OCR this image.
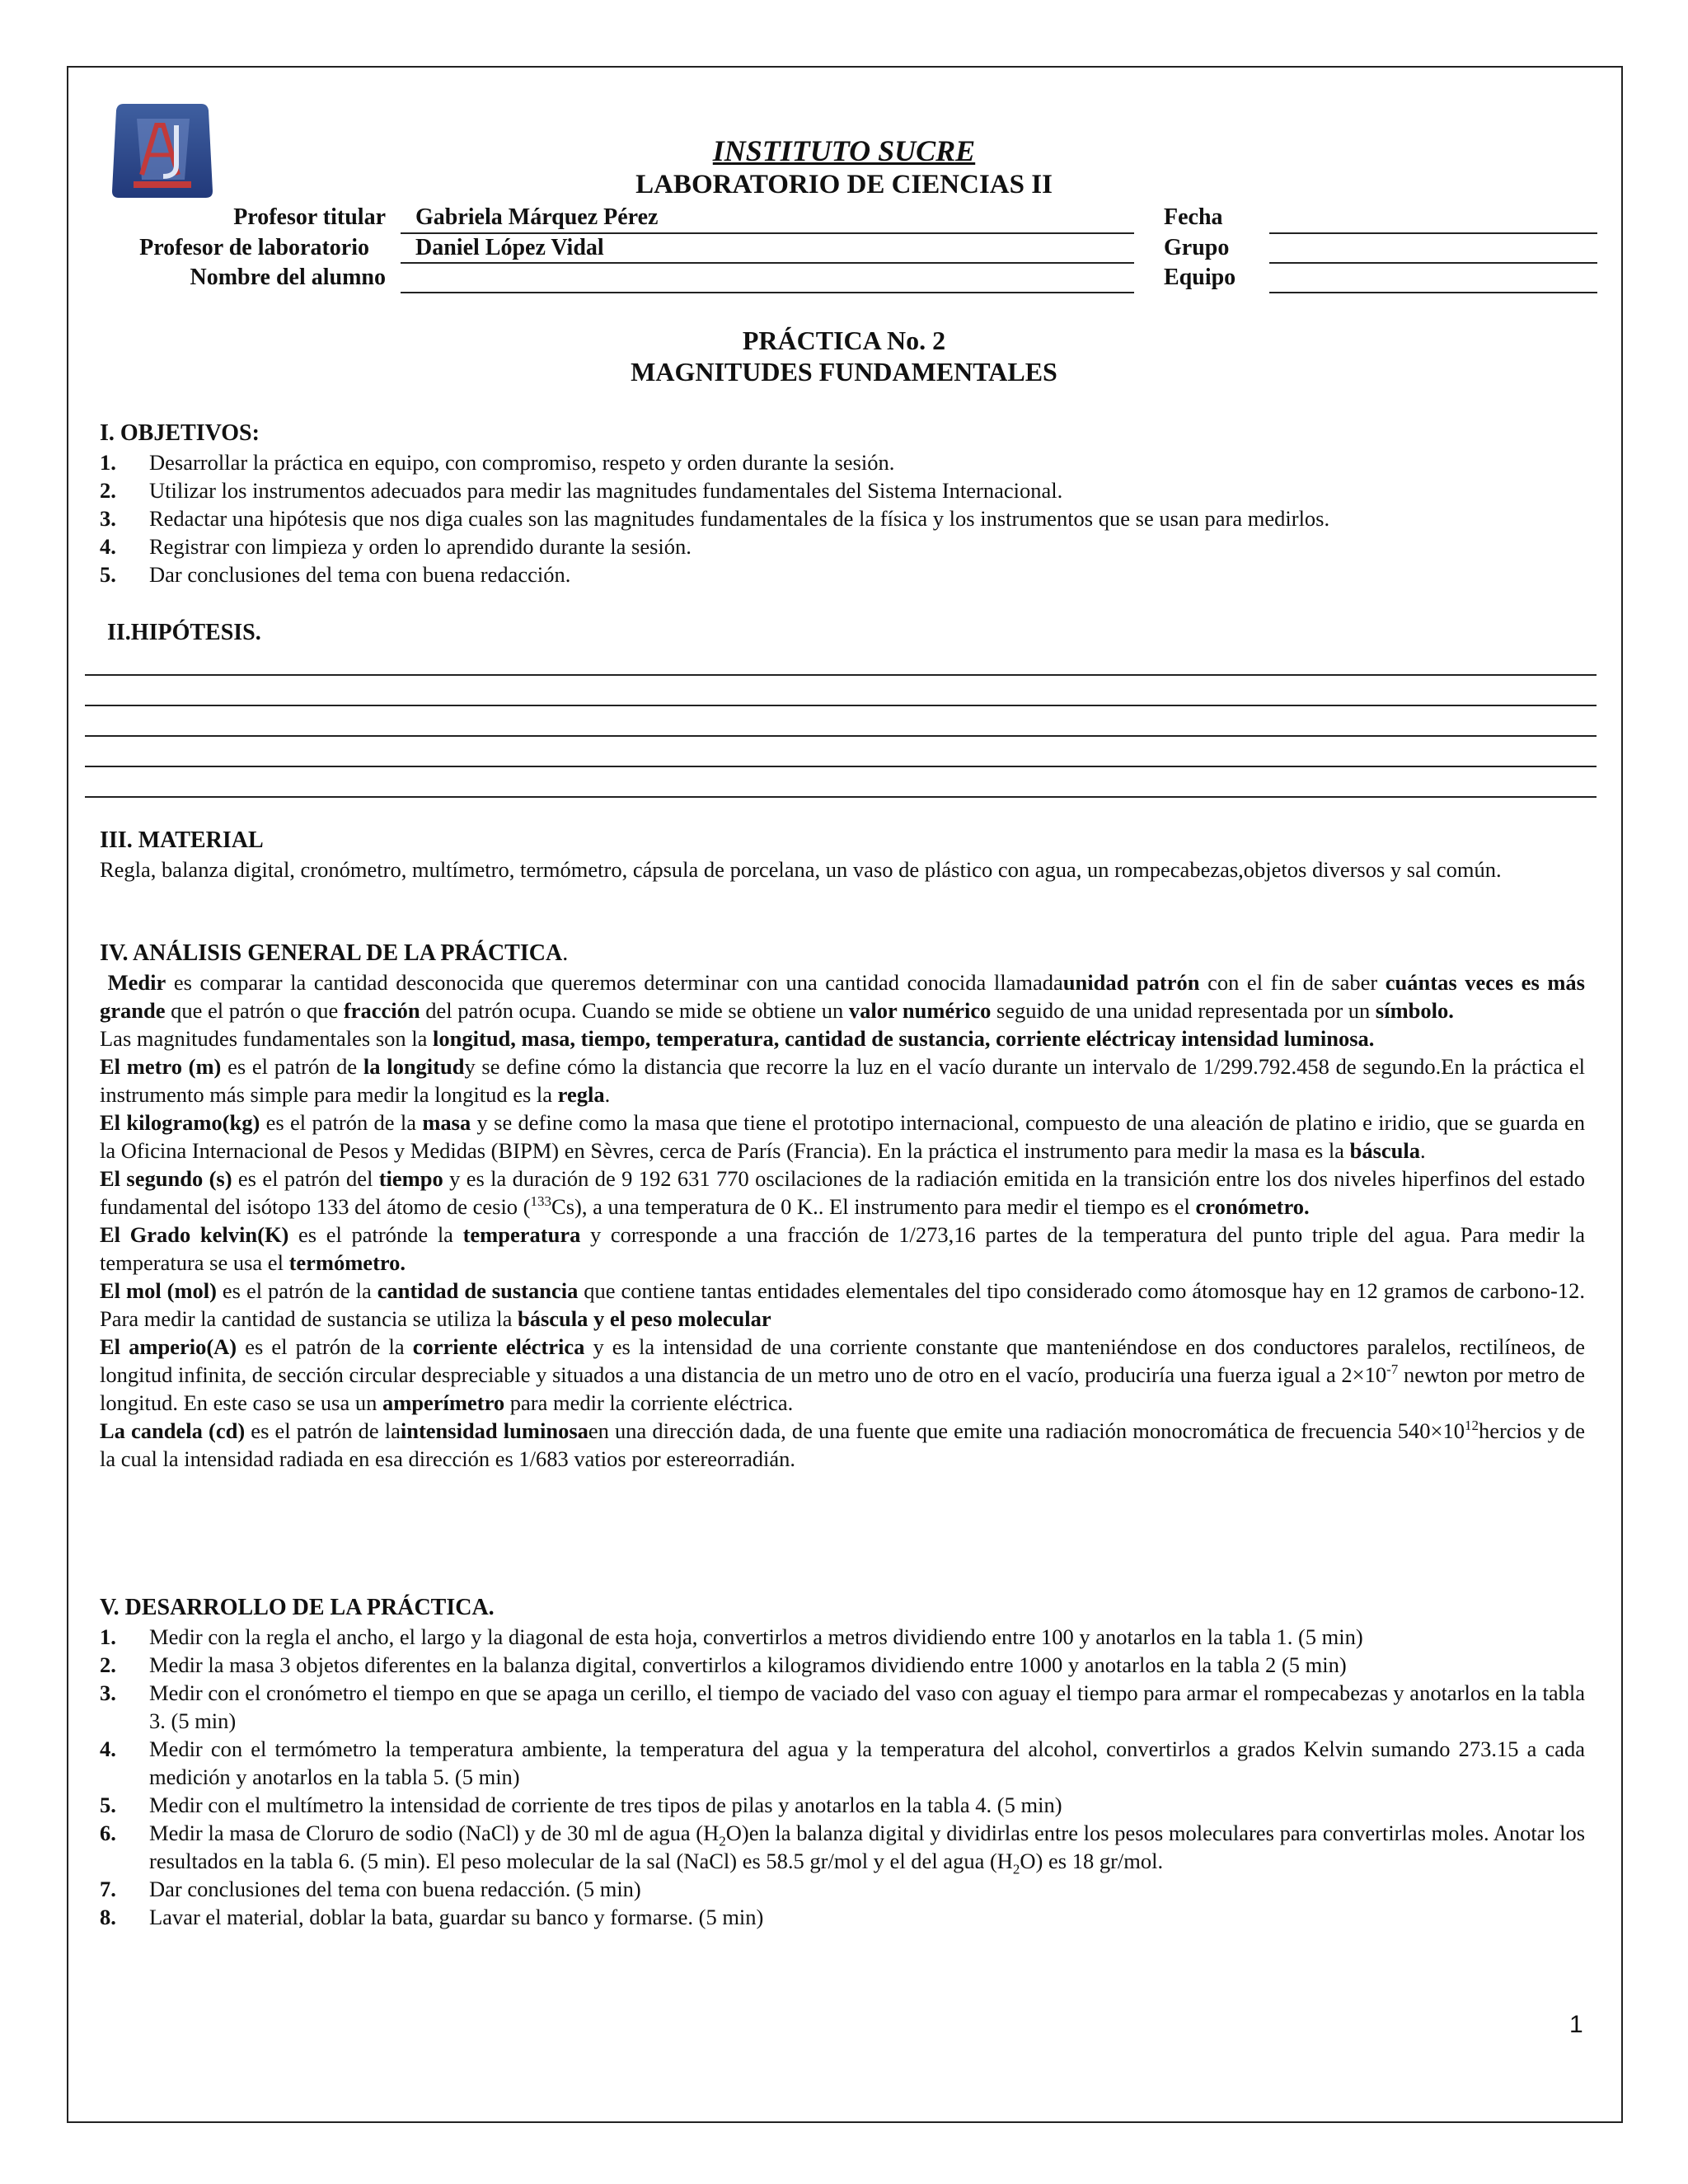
INSTITUTO SUCRE
LABORATORIO DE CIENCIAS II
Profesor titular Gabriela Márquez Pérez
Profesor de laboratorio Daniel López Vidal
Nombre del alumno
Fecha
Grupo
Equipo
PRÁCTICA No. 2
MAGNITUDES FUNDAMENTALES
I. OBJETIVOS:
1. Desarrollar la práctica en equipo, con compromiso, respeto y orden durante la sesión.
2. Utilizar los instrumentos adecuados para medir las magnitudes fundamentales del Sistema Internacional.
3. Redactar una hipótesis que nos diga cuales son las magnitudes fundamentales de la física y los instrumentos que se usan para medirlos.
4. Registrar con limpieza y orden lo aprendido durante la sesión.
5. Dar conclusiones del tema con buena redacción.
II.HIPÓTESIS.
III. MATERIAL
Regla, balanza digital, cronómetro, multímetro, termómetro, cápsula de porcelana, un vaso de plástico con agua, un rompecabezas,objetos diversos y sal común.
IV. ANÁLISIS GENERAL DE LA PRÁCTICA.
Medir es comparar la cantidad desconocida que queremos determinar con una cantidad conocida llamadaunidad patrón con el fin de saber cuántas veces es más grande que el patrón o que fracción del patrón ocupa. Cuando se mide se obtiene un valor numérico seguido de una unidad representada por un símbolo.
Las magnitudes fundamentales son la longitud, masa, tiempo, temperatura, cantidad de sustancia, corriente eléctricay intensidad luminosa.
El metro (m) es el patrón de la longitudy se define cómo la distancia que recorre la luz en el vacío durante un intervalo de 1/299.792.458 de segundo.En la práctica el instrumento más simple para medir la longitud es la regla.
El kilogramo(kg) es el patrón de la masa y se define como la masa que tiene el prototipo internacional, compuesto de una aleación de platino e iridio, que se guarda en la Oficina Internacional de Pesos y Medidas (BIPM) en Sèvres, cerca de París (Francia). En la práctica el instrumento para medir la masa es la báscula.
El segundo (s) es el patrón del tiempo y es la duración de 9 192 631 770 oscilaciones de la radiación emitida en la transición entre los dos niveles hiperfinos del estado fundamental del isótopo 133 del átomo de cesio ($^{133}$Cs), a una temperatura de 0 K.. El instrumento para medir el tiempo es el cronómetro.
El Grado kelvin(K) es el patrónde la temperatura y corresponde a una fracción de 1/273,16 partes de la temperatura del punto triple del agua. Para medir la temperatura se usa el termómetro.
El mol (mol) es el patrón de la cantidad de sustancia que contiene tantas entidades elementales del tipo considerado como átomosque hay en 12 gramos de carbono-12. Para medir la cantidad de sustancia se utiliza la báscula y el peso molecular
El amperio(A) es el patrón de la corriente eléctrica y es la intensidad de una corriente constante que manteniéndose en dos conductores paralelos, rectilíneos, de longitud infinita, de sección circular despreciable y situados a una distancia de un metro uno de otro en el vacío, produciría una fuerza igual a $2\times 10^{-7}$ newton por metro de longitud. En este caso se usa un amperímetro para medir la corriente eléctrica.
La candela (cd) es el patrón de laintensidad luminosaen una dirección dada, de una fuente que emite una radiación monocromática de frecuencia $540\times 10^{12}hercios$ y de la cual la intensidad radiada en esa dirección es 1/683 vatios por estereorradián.
V. DESARROLLO DE LA PRÁCTICA.
1. Medir con la regla el ancho, el largo y la diagonal de esta hoja, convertirlos a metros dividiendo entre 100 y anotarlos en la tabla 1. (5 min)
2. Medir la masa 3 objetos diferentes en la balanza digital, convertirlos a kilogramos dividiendo entre 1000 y anotarlos en la tabla 2 (5 min)
3. Medir con el cronómetro el tiempo en que se apaga un cerillo, el tiempo de vaciado del vaso con aguay el tiempo para armar el rompecabezas y anotarlos en la tabla 3. (5 min)
4. Medir con el termómetro la temperatura ambiente, la temperatura del agua y la temperatura del alcohol, convertirlos a grados Kelvin sumando 273.15 a cada medición y anotarlos en la tabla 5. (5 min)
5. Medir con el multímetro la intensidad de corriente de tres tipos de pilas y anotarlos en la tabla 4. (5 min)
6. Medir la masa de Cloruro de sodio (NaCl) y de 30 ml de agua $(H_2O)en$ la balanza digital y dividirlas entre los pesos moleculares para convertirlas moles. Anotar los resultados en la tabla 6. (5 min). El peso molecular de la sal (NaCl) es 58.5 gr/mol y el del agua $(H_2O)$ es 18 gr/mol.
7. Dar conclusiones del tema con buena redacción. (5 min)
8. Lavar el material, doblar la bata, guardar su banco y formarse. (5 min)
1
